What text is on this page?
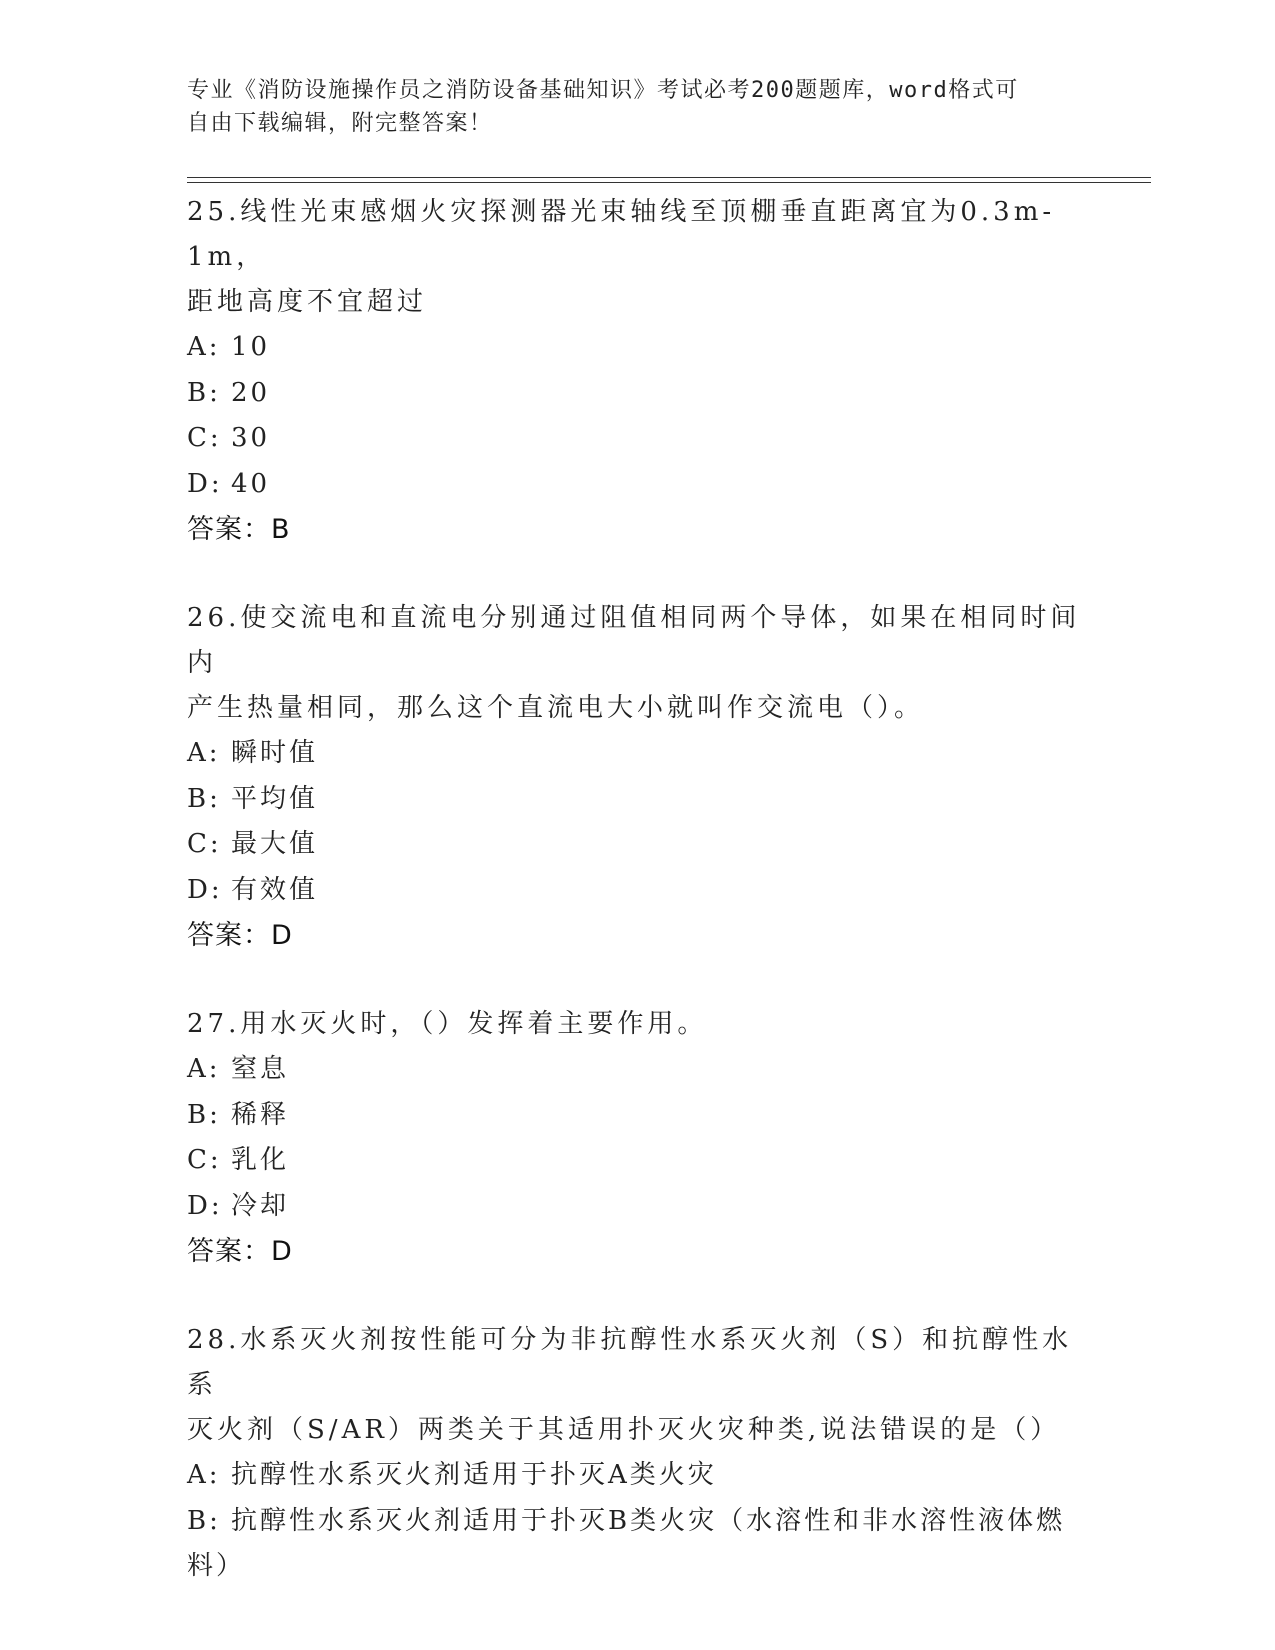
专业《消防设施操作员之消防设备基础知识》考试必考200题题库，word格式可
自由下载编辑，附完整答案！
25.线性光束感烟火灾探测器光束轴线至顶棚垂直距离宜为0.3m-1m，
距地高度不宜超过
A: 10
B: 20
C: 30
D: 40
答案：B
26.使交流电和直流电分别通过阻值相同两个导体，如果在相同时间内
产生热量相同，那么这个直流电大小就叫作交流电（）。
A: 瞬时值
B: 平均值
C: 最大值
D: 有效值
答案：D
27.用水灭火时，（）发挥着主要作用。
A: 窒息
B: 稀释
C: 乳化
D: 冷却
答案：D
28.水系灭火剂按性能可分为非抗醇性水系灭火剂（S）和抗醇性水系
灭火剂（S/AR）两类关于其适用扑灭火灾种类,说法错误的是（）
A: 抗醇性水系灭火剂适用于扑灭A类火灾
B: 抗醇性水系灭火剂适用于扑灭B类火灾（水溶性和非水溶性液体燃
料）
